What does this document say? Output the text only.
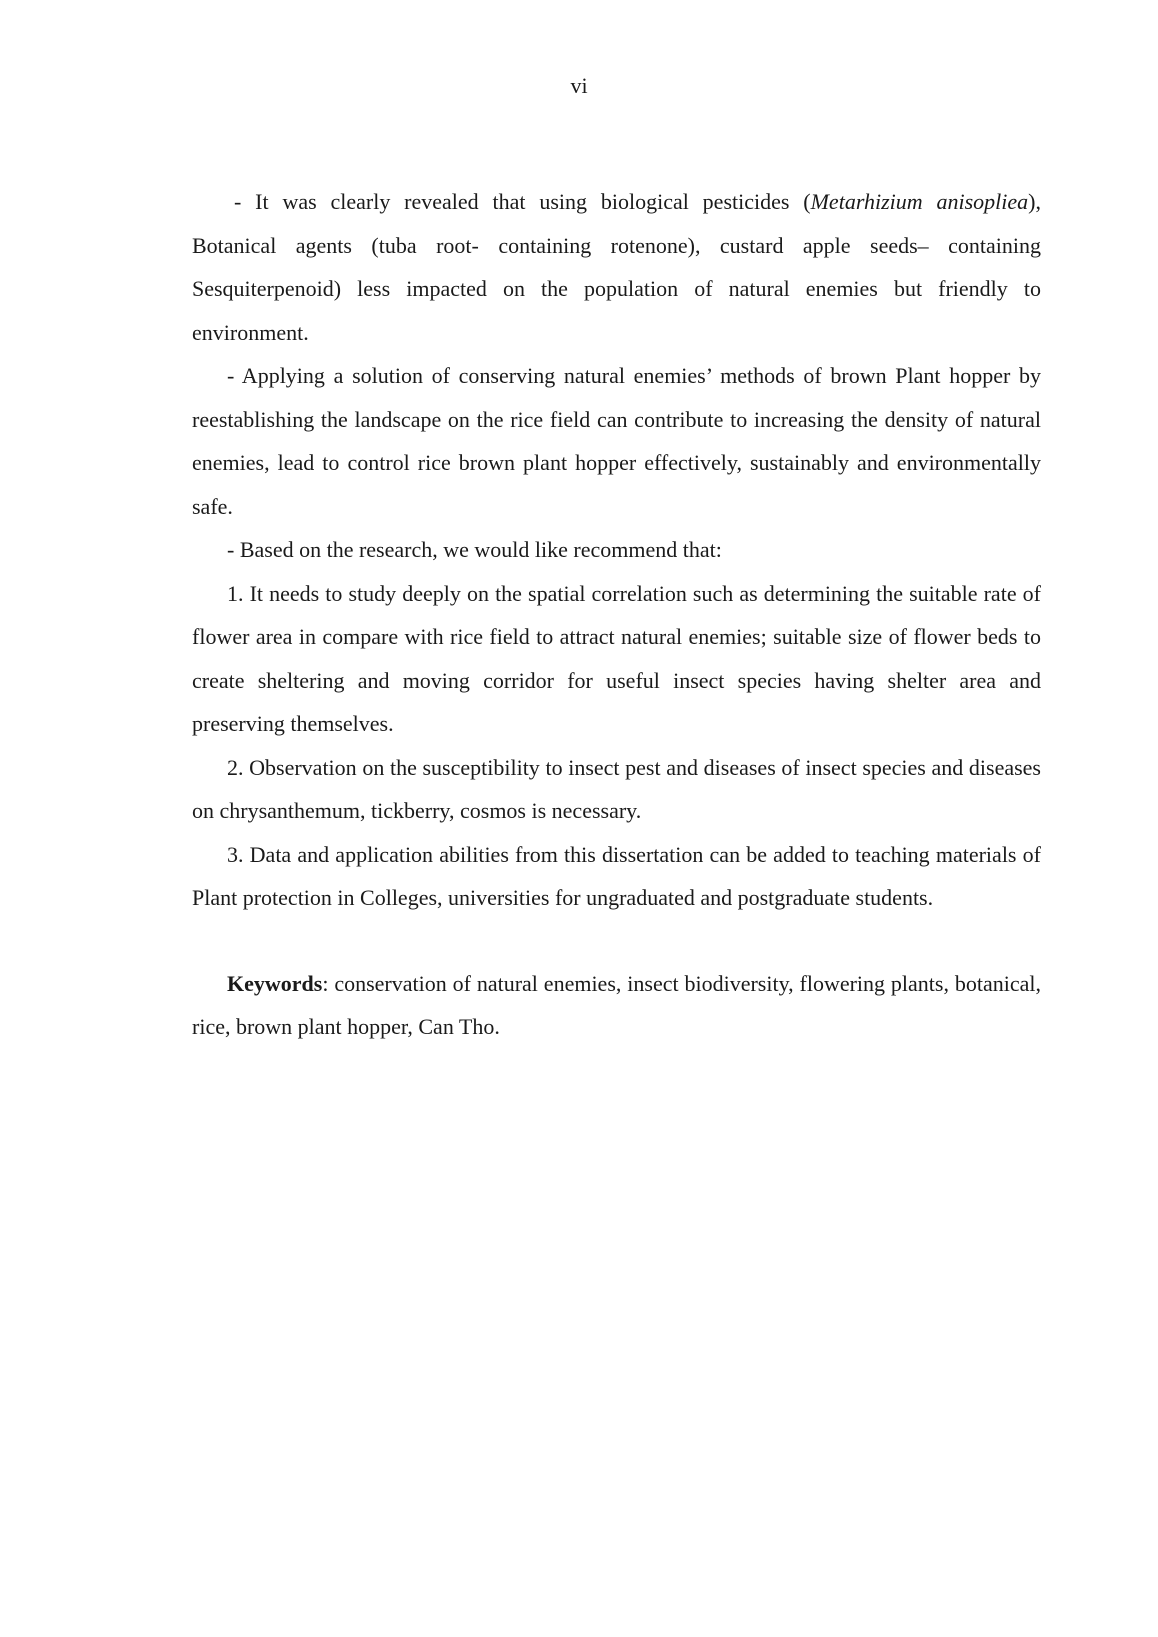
vi

- It was clearly revealed that using biological pesticides (Metarhizium anisopliea), Botanical agents (tuba root- containing rotenone), custard apple seeds– containing Sesquiterpenoid) less impacted on the population of natural enemies but friendly to environment.

- Applying a solution of conserving natural enemies’ methods of brown Plant hopper by reestablishing the landscape on the rice field can contribute to increasing the density of natural enemies, lead to control rice brown plant hopper effectively, sustainably and environmentally safe.

- Based on the research, we would like recommend that:

1. It needs to study deeply on the spatial correlation such as determining the suitable rate of flower area in compare with rice field to attract natural enemies; suitable size of flower beds to create sheltering and moving corridor for useful insect species having shelter area and preserving themselves.

2. Observation on the susceptibility to insect pest and diseases of insect species and diseases on chrysanthemum, tickberry, cosmos is necessary.

3. Data and application abilities from this dissertation can be added to teaching materials of Plant protection in Colleges, universities for ungraduated and postgraduate students.

Keywords: conservation of natural enemies, insect biodiversity, flowering plants, botanical, rice, brown plant hopper, Can Tho.
